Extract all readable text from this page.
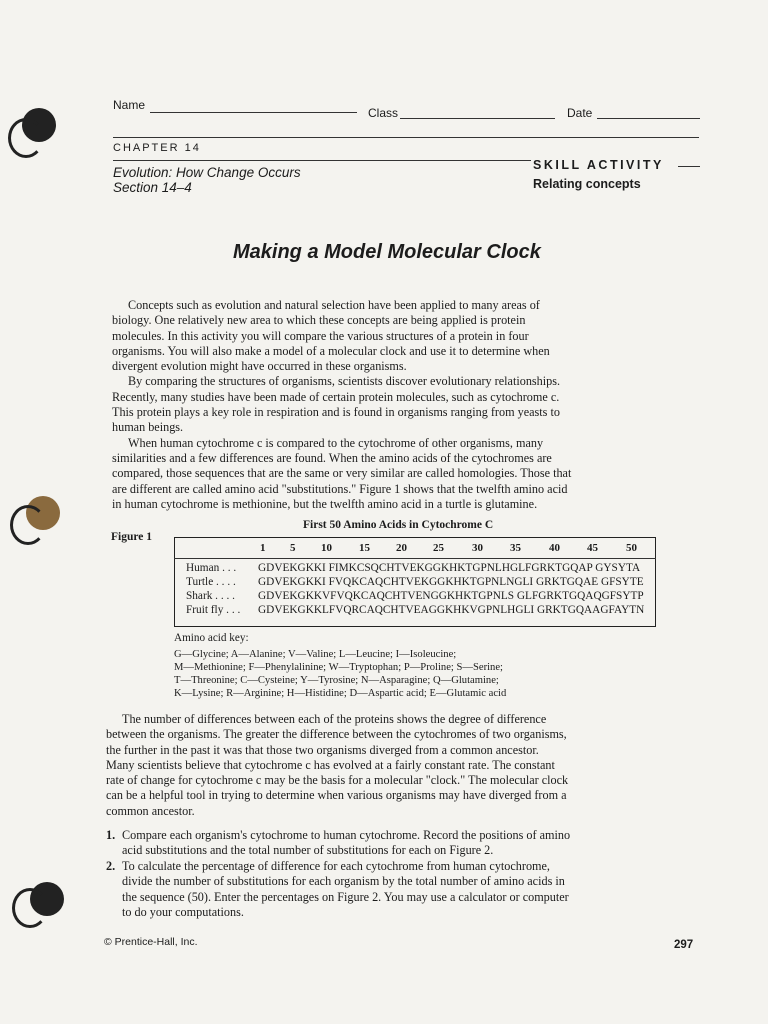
Name
Class	Date
CHAPTER 14
Evolution: How Change Occurs
Section 14–4
SKILL ACTIVITY
Relating concepts
Making a Model Molecular Clock
Concepts such as evolution and natural selection have been applied to many areas of
biology. One relatively new area to which these concepts are being applied is protein
molecules. In this activity you will compare the various structures of a protein in four
organisms. You will also make a model of a molecular clock and use it to determine when
divergent evolution might have occurred in these organisms.
By comparing the structures of organisms, scientists discover evolutionary relationships.
Recently, many studies have been made of certain protein molecules, such as cytochrome c.
This protein plays a key role in respiration and is found in organisms ranging from yeasts to
human beings.
When human cytochrome c is compared to the cytochrome of other organisms, many
similarities and a few differences are found. When the amino acids of the cytochromes are
compared, those sequences that are the same or very similar are called homologies. Those that
are different are called amino acid "substitutions." Figure 1 shows that the twelfth amino acid
in human cytochrome is methionine, but the twelfth amino acid in a turtle is glutamine.
First 50 Amino Acids in Cytochrome C
Figure 1
1 5 10 15 20 25	30 35	40 45	50
Human . . . GDVEKGKKI FIMKCSQCHTVEKGGKHKTGPNLHGLFGRKTGQAP GYSYTA
Turtle . . . . GDVEKGKKI FVQKCAQCHTVEKGGKHKTGPNLNGLI GRKTGQAE GFSYTE
Shark . . . . GDVEKGKKVFVQKCAQCHTVENGGKHKTGPNLS GLFGRKTGQAQGFSYTP
Fruit fly . . . GDVEKGKKLFVQRCAQCHTVEAGGKHKVGPNLHGLI GRKTGQAAGFAYTN
Amino acid key:
G—Glycine; A—Alanine; V—Valine; L—Leucine; I—Isoleucine;
M—Methionine; F—Phenylalinine; W—Tryptophan; P—Proline; S—Serine;
T—Threonine; C—Cysteine; Y—Tyrosine; N—Asparagine; Q—Glutamine;
K—Lysine; R—Arginine; H—Histidine; D—Aspartic acid; E—Glutamic acid
The number of differences between each of the proteins shows the degree of difference
between the organisms. The greater the difference between the cytochromes of two organisms,
the further in the past it was that those two organisms diverged from a common ancestor.
Many scientists believe that cytochrome c has evolved at a fairly constant rate. The constant
rate of change for cytochrome c may be the basis for a molecular "clock." The molecular clock
can be a helpful tool in trying to determine when various organisms may have diverged from a
common ancestor.
1. Compare each organism's cytochrome to human cytochrome. Record the positions of amino
acid substitutions and the total number of substitutions for each on Figure 2.
2. To calculate the percentage of difference for each cytochrome from human cytochrome,
divide the number of substitutions for each organism by the total number of amino acids in
the sequence (50). Enter the percentages on Figure 2. You may use a calculator or computer
to do your computations.
© Prentice-Hall, Inc.	297
